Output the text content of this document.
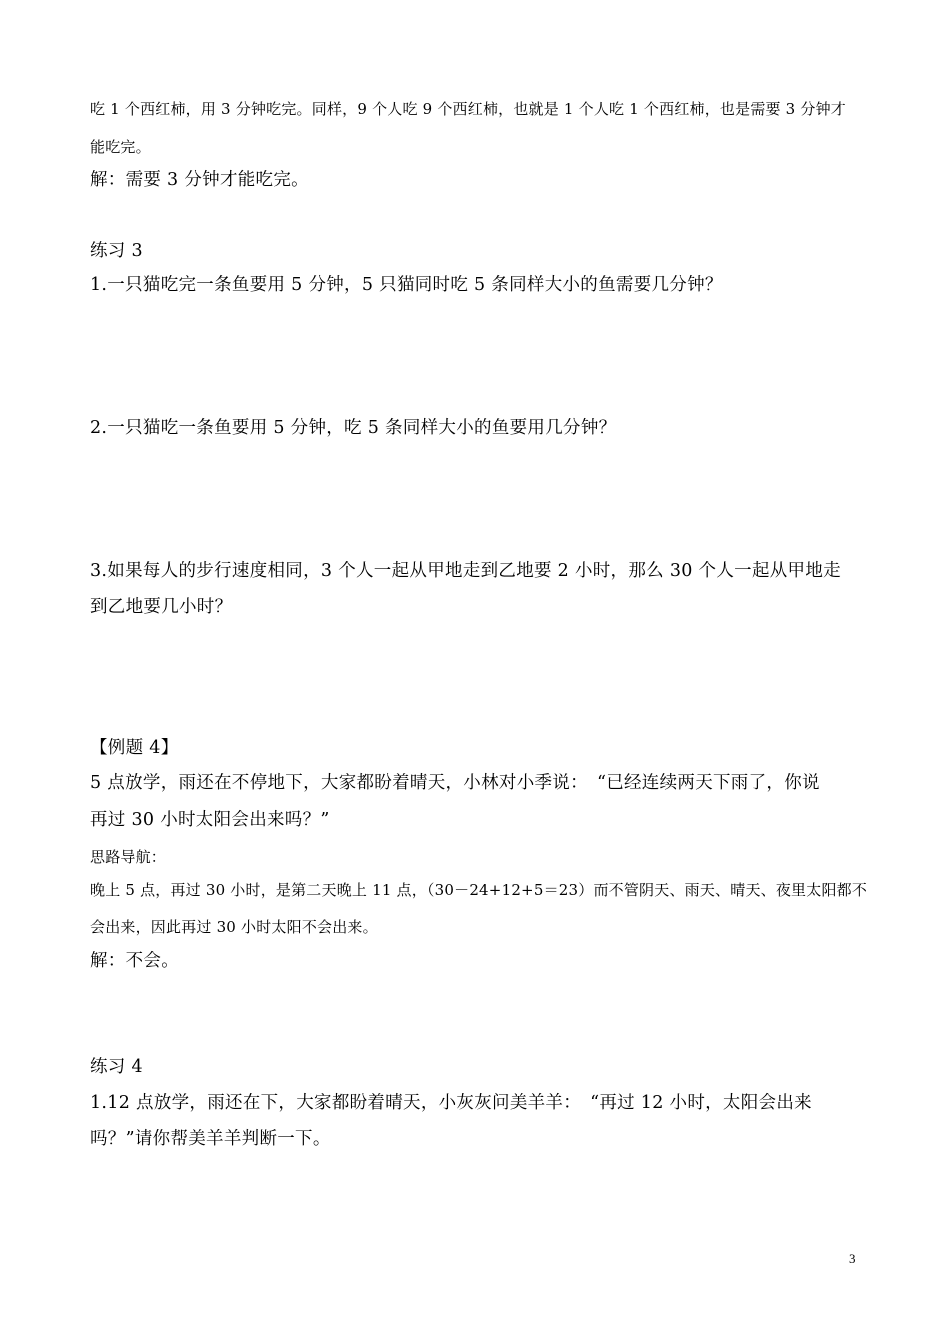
吃 1 个西红柿，用 3 分钟吃完。同样，9 个人吃 9 个西红柿，也就是 1 个人吃 1 个西红柿，也是需要 3 分钟才
能吃完。
解：需要 3 分钟才能吃完。
练习 3
1.一只猫吃完一条鱼要用 5 分钟，5 只猫同时吃 5 条同样大小的鱼需要几分钟？
2.一只猫吃一条鱼要用 5 分钟，吃 5 条同样大小的鱼要用几分钟？
3.如果每人的步行速度相同，3 个人一起从甲地走到乙地要 2 小时，那么 30 个人一起从甲地走
到乙地要几小时？
【例题 4】
5 点放学，雨还在不停地下，大家都盼着晴天，小林对小季说：　“已经连续两天下雨了，你说
再过 30 小时太阳会出来吗？”
思路导航：
晚上 5 点，再过 30 小时，是第二天晚上 11 点，（30－24+12+5＝23）而不管阴天、雨天、晴天、夜里太阳都不
会出来，因此再过 30 小时太阳不会出来。
解：不会。
练习 4
1.12 点放学，雨还在下，大家都盼着晴天，小灰灰问美羊羊：　“再过 12 小时，太阳会出来
吗？”请你帮美羊羊判断一下。
3
